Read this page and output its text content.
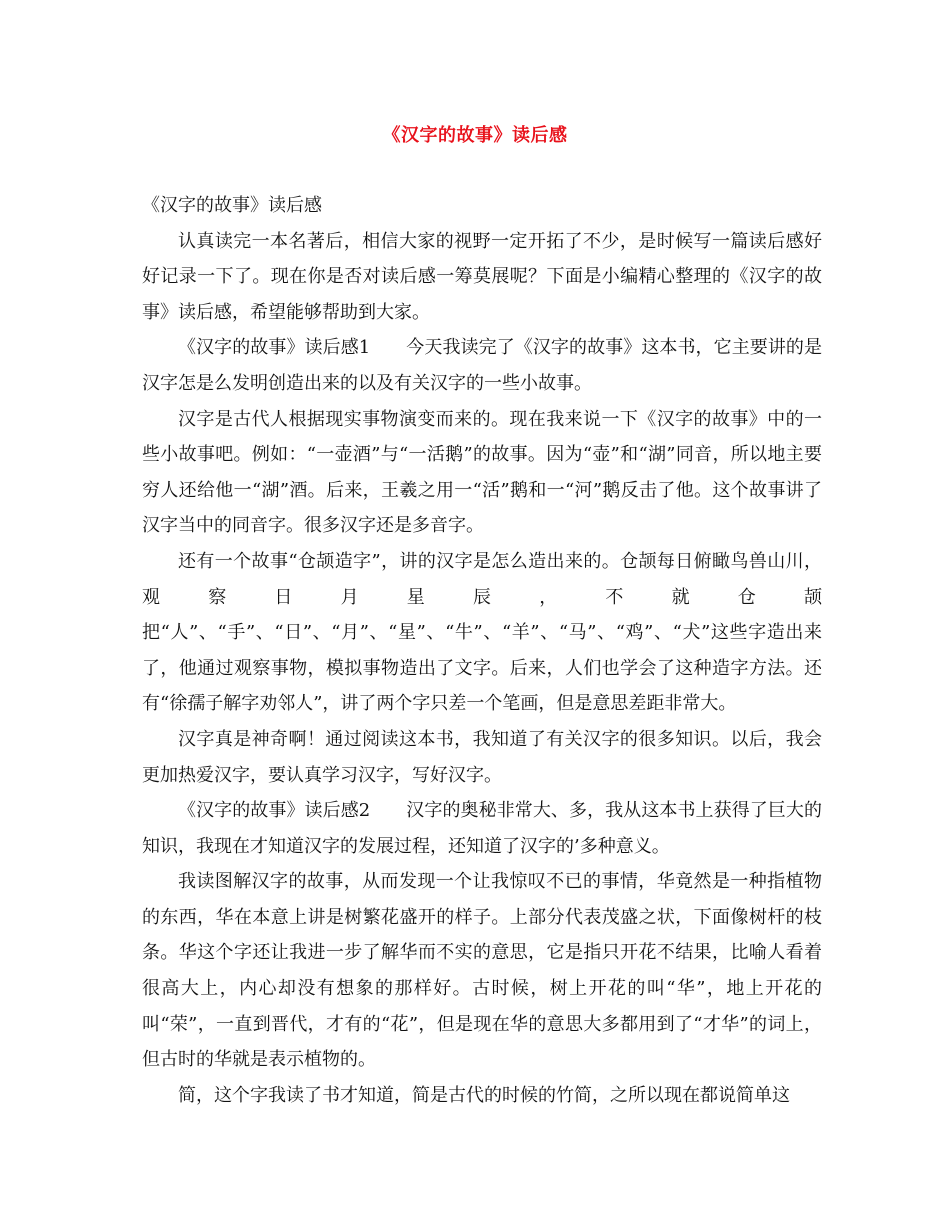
《汉字的故事》读后感

《汉字的故事》读后感

认真读完一本名著后，相信大家的视野一定开拓了不少，是时候写一篇读后感好好记录一下了。现在你是否对读后感一筹莫展呢？下面是小编精心整理的《汉字的故事》读后感，希望能够帮助到大家。

《汉字的故事》读后感1 今天我读完了《汉字的故事》这本书，它主要讲的是汉字怎是么发明创造出来的以及有关汉字的一些小故事。

汉字是古代人根据现实事物演变而来的。现在我来说一下《汉字的故事》中的一些小故事吧。例如：“一壶酒”与“一活鹅”的故事。因为“壶”和“湖”同音，所以地主要穷人还给他一“湖”酒。后来，王羲之用一“活”鹅和一“河”鹅反击了他。这个故事讲了汉字当中的同音字。很多汉字还是多音字。

还有一个故事“仓颉造字”，讲的汉字是怎么造出来的。仓颉每日俯瞰鸟兽山川，观察日月星辰，不就仓颉把“人”、“手”、“日”、“月”、“星”、“牛”、“羊”、“马”、“鸡”、“犬”这些字造出来了，他通过观察事物，模拟事物造出了文字。后来，人们也学会了这种造字方法。还有“徐孺子解字劝邻人”，讲了两个字只差一个笔画，但是意思差距非常大。

汉字真是神奇啊！通过阅读这本书，我知道了有关汉字的很多知识。以后，我会更加热爱汉字，要认真学习汉字，写好汉字。

《汉字的故事》读后感2 汉字的奥秘非常大、多，我从这本书上获得了巨大的知识，我现在才知道汉字的发展过程，还知道了汉字的’多种意义。

我读图解汉字的故事，从而发现一个让我惊叹不已的事情，华竟然是一种指植物的东西，华在本意上讲是树繁花盛开的样子。上部分代表茂盛之状，下面像树杆的枝条。华这个字还让我进一步了解华而不实的意思，它是指只开花不结果，比喻人看着很高大上，内心却没有想象的那样好。古时候，树上开花的叫“华”，地上开花的叫“荣”，一直到晋代，才有的“花”，但是现在华的意思大多都用到了“才华”的词上，但古时的华就是表示植物的。

简，这个字我读了书才知道，简是古代的时候的竹简，之所以现在都说简单这
